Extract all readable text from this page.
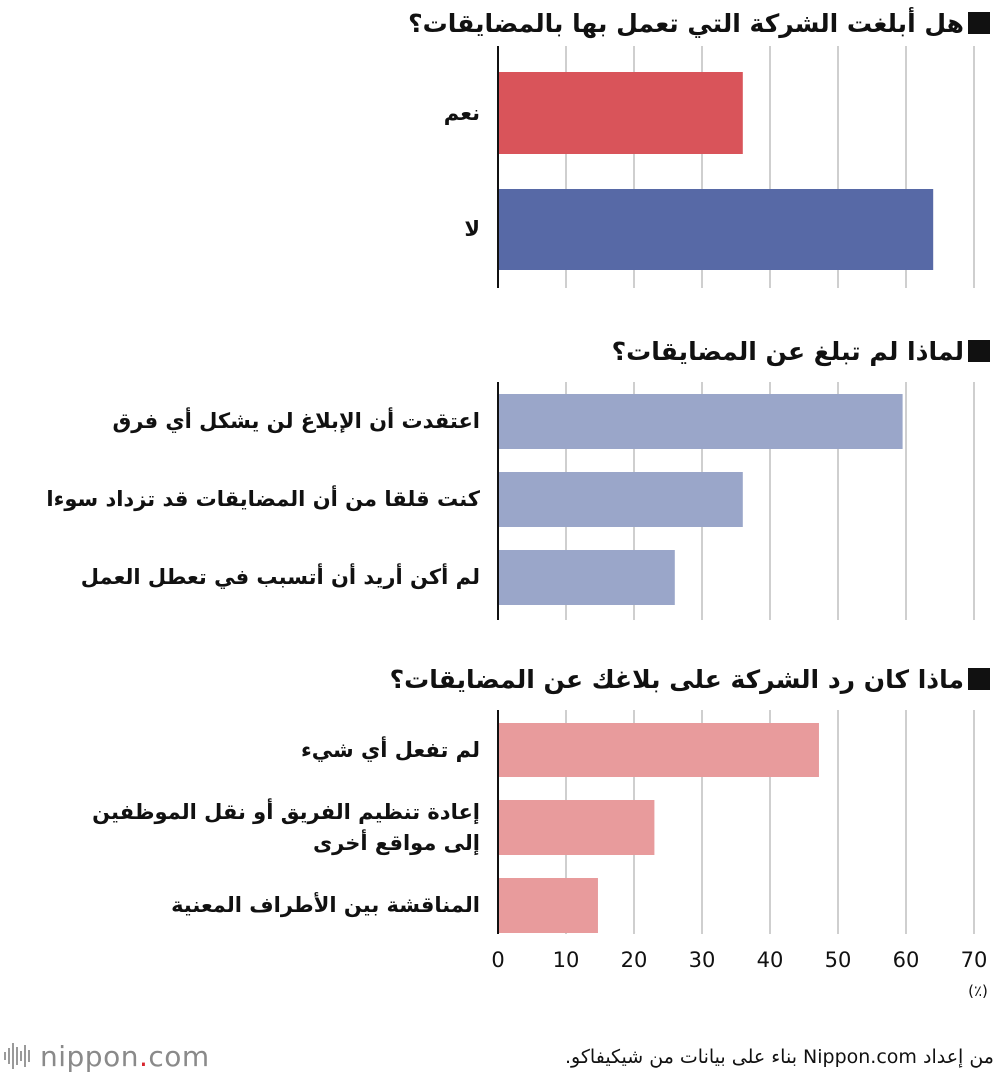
هل أبلغت الشركة التي تعمل بها بالمضايقات؟
لماذا لم تبلغ عن المضايقات؟
ماذا كان رد الشركة على بلاغك عن المضايقات؟
نعم
لا
اعتقدت أن الإبلاغ لن يشكل أي فرق
كنت قلقا من أن المضايقات قد تزداد سوءا
لم أكن أريد أن أتسبب في تعطل العمل
لم تفعل أي شيء
إعادة تنظيم الفريق أو نقل الموظفين
إلى مواقع أخرى
المناقشة بين الأطراف المعنية
0	10	20	30	40	50	60	70
(٪)
nippon.com	من إعداد Nippon.com بناء على بيانات من شيكيفاكو.
